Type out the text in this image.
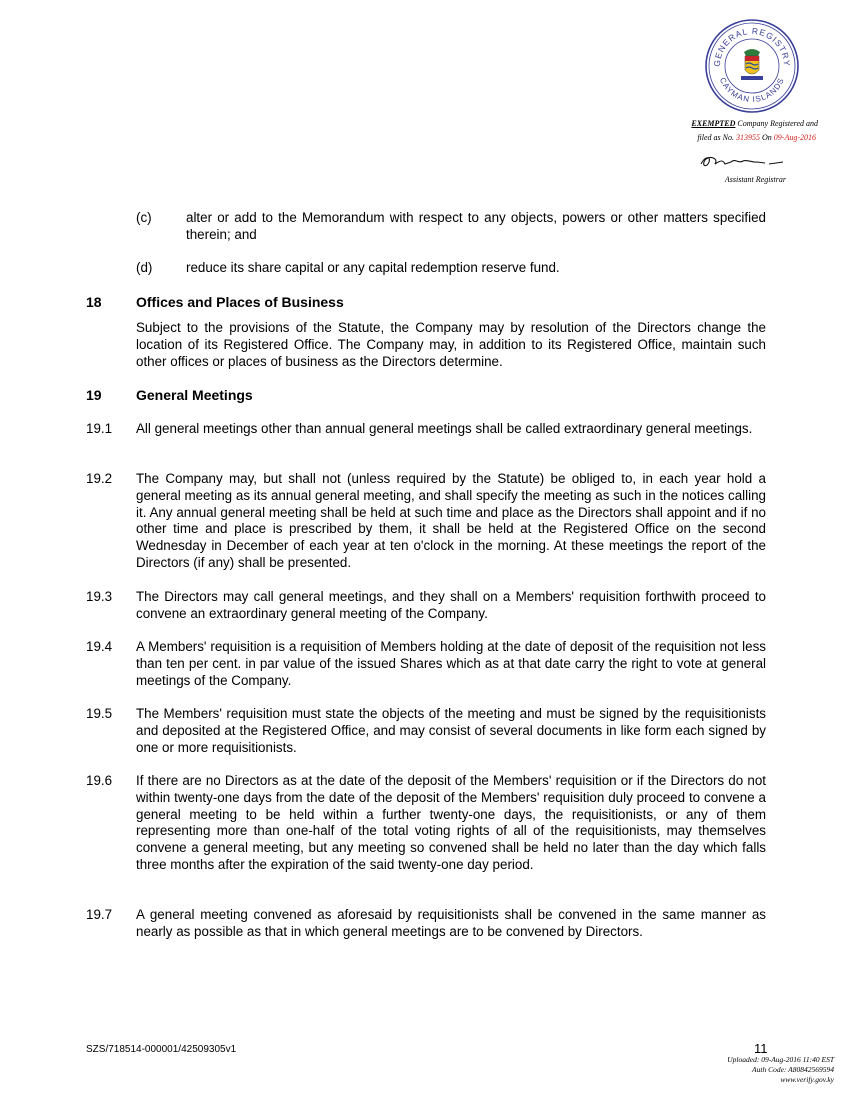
GENERAL REGISTRY
CAYMAN ISLANDS
EXEMPTED Company Registered and
filed as No. 313955 On 09-Aug-2016
Assistant Registrar
(c)	alter or add to the Memorandum with respect to any objects, powers or other matters specified therein; and
(d)	reduce its share capital or any capital redemption reserve fund.
18 Offices and Places of Business
Subject to the provisions of the Statute, the Company may by resolution of the Directors change the location of its Registered Office. The Company may, in addition to its Registered Office, maintain such other offices or places of business as the Directors determine.
19 General Meetings
19.1 All general meetings other than annual general meetings shall be called extraordinary general meetings.
19.2 The Company may, but shall not (unless required by the Statute) be obliged to, in each year hold a general meeting as its annual general meeting, and shall specify the meeting as such in the notices calling it. Any annual general meeting shall be held at such time and place as the Directors shall appoint and if no other time and place is prescribed by them, it shall be held at the Registered Office on the second Wednesday in December of each year at ten o'clock in the morning. At these meetings the report of the Directors (if any) shall be presented.
19.3 The Directors may call general meetings, and they shall on a Members' requisition forthwith proceed to convene an extraordinary general meeting of the Company.
19.4 A Members' requisition is a requisition of Members holding at the date of deposit of the requisition not less than ten per cent. in par value of the issued Shares which as at that date carry the right to vote at general meetings of the Company.
19.5 The Members' requisition must state the objects of the meeting and must be signed by the requisitionists and deposited at the Registered Office, and may consist of several documents in like form each signed by one or more requisitionists.
19.6 If there are no Directors as at the date of the deposit of the Members' requisition or if the Directors do not within twenty-one days from the date of the deposit of the Members' requisition duly proceed to convene a general meeting to be held within a further twenty-one days, the requisitionists, or any of them representing more than one-half of the total voting rights of all of the requisitionists, may themselves convene a general meeting, but any meeting so convened shall be held no later than the day which falls three months after the expiration of the said twenty-one day period.
19.7 A general meeting convened as aforesaid by requisitionists shall be convened in the same manner as nearly as possible as that in which general meetings are to be convened by Directors.
SZS/718514-000001/42509305v1	11
Uploaded: 09-Aug-2016 11:40 EST
Auth Code: A80842569594
www.verify.gov.ky
